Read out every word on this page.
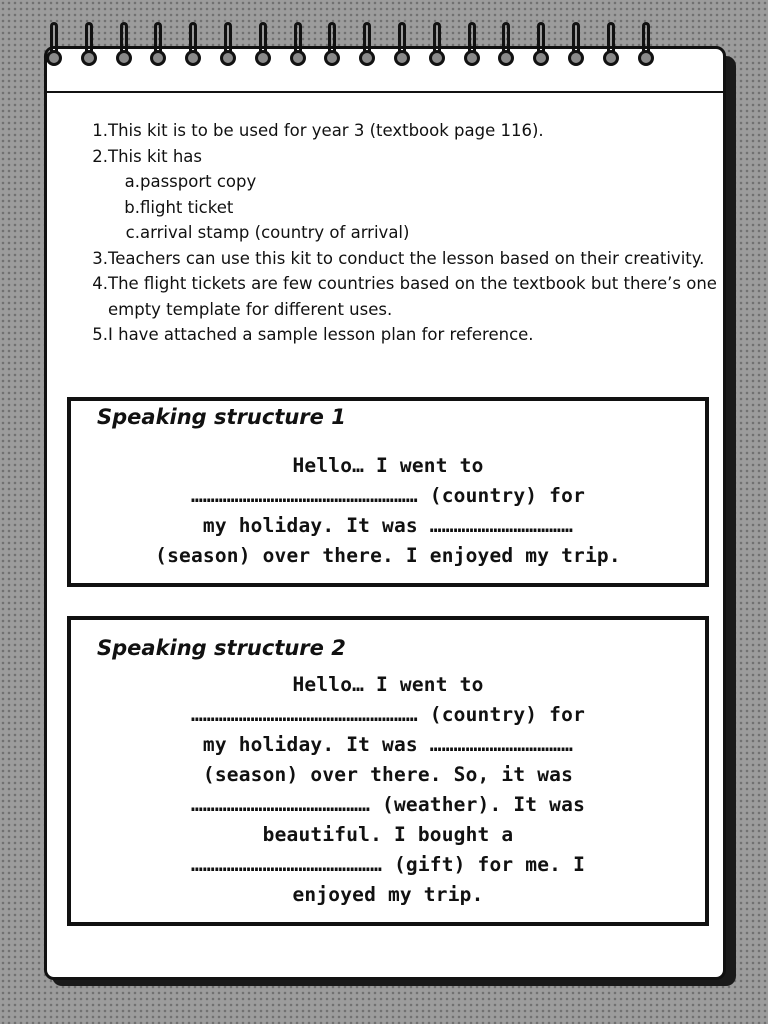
1. This kit is to be used for year 3 (textbook page 116).
2. This kit has
a. passport copy
b. flight ticket
c. arrival stamp (country of arrival)
3. Teachers can use this kit to conduct the lesson based on their creativity.
4. The flight tickets are few countries based on the textbook but there’s one empty template for different uses.
5. I have attached a sample lesson plan for reference.
Speaking structure 1
Hello… I went to
………………………………………………… (country) for
my holiday. It was ………………………………
(season) over there. I enjoyed my trip.
Speaking structure 2
Hello… I went to
………………………………………………… (country) for
my holiday. It was ………………………………
(season) over there. So, it was
……………………………………… (weather). It was
beautiful. I bought a
………………………………………… (gift) for me. I
enjoyed my trip.
